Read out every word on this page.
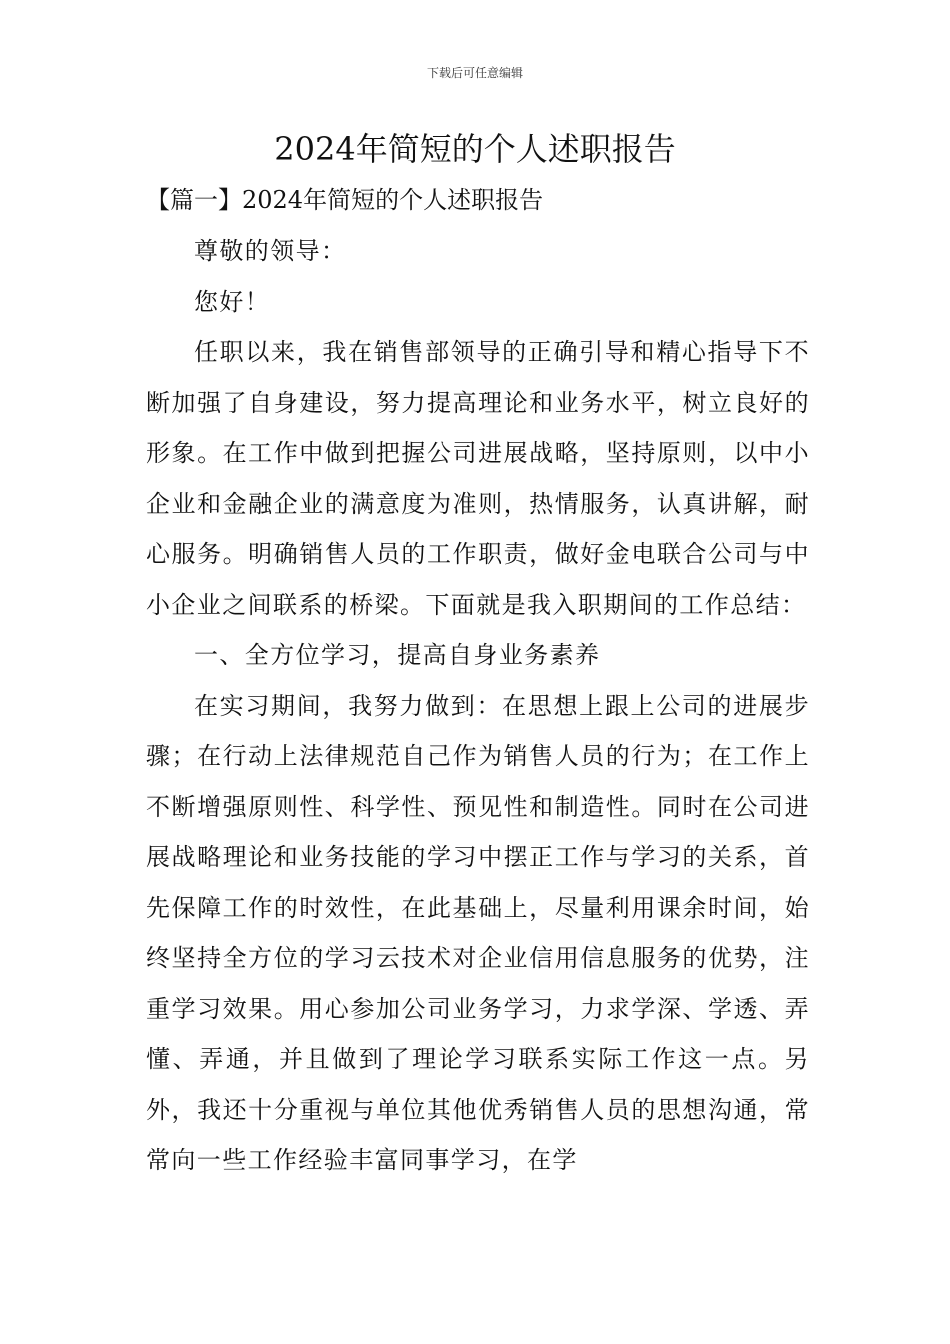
下载后可任意编辑
2024年简短的个人述职报告
【篇一】2024年简短的个人述职报告

尊敬的领导：

您好！

任职以来，我在销售部领导的正确引导和精心指导下不断加强了自身建设，努力提高理论和业务水平，树立良好的形象。在工作中做到把握公司进展战略，坚持原则，以中小企业和金融企业的满意度为准则，热情服务，认真讲解，耐心服务。明确销售人员的工作职责，做好金电联合公司与中小企业之间联系的桥梁。下面就是我入职期间的工作总结：

一、全方位学习，提高自身业务素养

在实习期间，我努力做到：在思想上跟上公司的进展步骤；在行动上法律规范自己作为销售人员的行为；在工作上不断增强原则性、科学性、预见性和制造性。同时在公司进展战略理论和业务技能的学习中摆正工作与学习的关系，首先保障工作的时效性，在此基础上，尽量利用课余时间，始终坚持全方位的学习云技术对企业信用信息服务的优势，注重学习效果。用心参加公司业务学习，力求学深、学透、弄懂、弄通，并且做到了理论学习联系实际工作这一点。另外，我还十分重视与单位其他优秀销售人员的思想沟通，常常向一些工作经验丰富同事学习，在学
